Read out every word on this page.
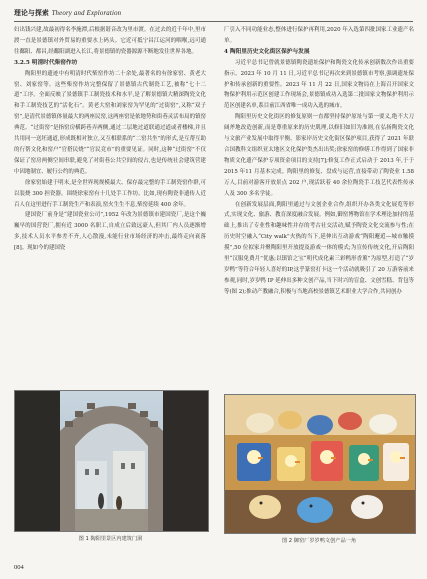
理论与探索 Theory and Exploration

妇出钱兴建,故最初得名李施潭,后根据谐音改为里市渡。在过去的近千年中,里市渡一直是景德镇对外贸易的重要水上码头。它近可抵宁昌江运河的咽喉,远可通往鄱阳、都昌,经鄱阳湖进入长江,将景德镇的瓷器源源不断地发往世界各地。

3.2.5 明清时代柴窑作坊

陶阳里的遗迹中有明清时代柴窑作坊二十余处,最著名的有徐家窑、黄老大窑、刘家窑等。这些柴窑作坊完整保留了景德镇古代制瓷工艺,被称“七十二道”工序。全面反映了景德镇手工制瓷技术和水平,是了解景德镇大精深陶瓷文化和手工制瓷技艺的“活化石”。黄老大窑和刘家窑为罕见的“过街窑”,又称“双子窑”,是清代景德镇体量最大的两座民窑,这两座窑是依地势和街巷灵活布局的镇窑典范。“过街窑”是指窑房横跨巷弄两侧,通过二层地过道联通过道或者楼梯,并且共用同一送坯通道,形成既相对独立,又互相联系的“二窑共坐”的形式,是互帮互助的行帮文化和窑户“官搭民烧”“官民竞市”的重要见证。同时,这种“过街窑”不仅保证了窑房两侧空间串联,避免了对街巷公共空间的侵占,也是传统社会建筑营建中因地制宜、履行公约的典范。

徐家窑始建于明末,是全世界现规模最大、保存最完整的手工制瓷窑作群,可以装烧 300 担瓷器。围绕徐家窑有十几处手工作坊。比如,现有陶瓷非遗传人近百人在这里进行手工制瓷生产和表演,窑火生生不息,柴窑延续 400 余年。

建国瓷厂前身是“建国瓷业公司”,1952 年改为景德镇市建国瓷厂,是这个巍巍早的国营瓷厂,拥有近 3000 名职工,自成立后致远豪人,但其厂内人员逐渐增多,技术人员水平参差不齐,人心散漫,未能行业市场经济的冲击,最终走向衰落[8]。现如今的建国瓷

厂引入不同功能业态,整体进行保护再利用,2020 年入选第四批国家工业遗产名单。

4 陶阳里历史文化街区保护与发展

习近平总书记曾就景德镇陶瓷遗址保护和陶瓷文化传承创新数次作出重要指示。2023 年 10 月 11 日,习近平总书记再次来到景德镇市考察,强调遗址保护和传承创新的重要性。2023 年 11 月 22 日,国家文物局在上海召开国家文物保护利用示范区创建工作现场会,景德镇成功入选第二批国家文物保护利用示范区创建名单,系目前江西省唯一成功入选的城市。

陶阳里历史文化街区的修复原则一直都坚持保护原址与第一要义,绝不大刀阔斧地改造创新,而是尊重原来的历史肌理,以修旧如旧为准则,在弘扬陶瓷文化与文旅产业发展中取得平衡。影家岸历史文化街区保护项目,获得了 2021 年联合国教科文组织亚太地区文化保护类杰出出奖;徐家窑的修缮工作得到了国家非物质文化遗产保护专项资金项目的支持[7];修复工作正式启动于 2013 年,于于 2015 年11 月基本完成。陶阳里的修复、盘成与运营,直接带动了陶瓷业 1.58 万人,目前对游客开放景点 202 户,现活跃着 40 余位陶瓷手工技艺代表性传承人及 300 多名学徒。

在创新发展层面,陶阳里通过与文创企业合作,组织开办各类文化展览等形式,实现文化、旅游、教育深度融合发展。例如,御窑博物馆在学术理论加持的基础上,推出了专业性和趣味性并存的考古社交活动,赋予陶瓷文化交流参与性;在历史时空融入“City walk”火热的当下,延伸出互动游戏“陶阳邂逅—城市触摸摸”,50 位拟家并聚陶阳里开放提及游戏一体的模式;为宣传传统文化,开启陶阳里“汉服免费月”优惠;以镇馆之宝“明代成化素三彩鸭形香薰”为原型,打造了“岁岁鸭”等符合年轻人喜好的IP,这乎篆窑打卡这一个活动就吸引了 20 万游客前来参观,同时,岁岁鸭 IP 延伸出多种文创产品,当下时兴的盲盒、文创雪糕、背包等等(图 2);推动产教融合,积极与当地高校景德镇艺术职业大学合作,共同创办

图 1 陶阳里景区内建筑门洞	图 2 御窑厂岁岁鸭文创产品一角
004
